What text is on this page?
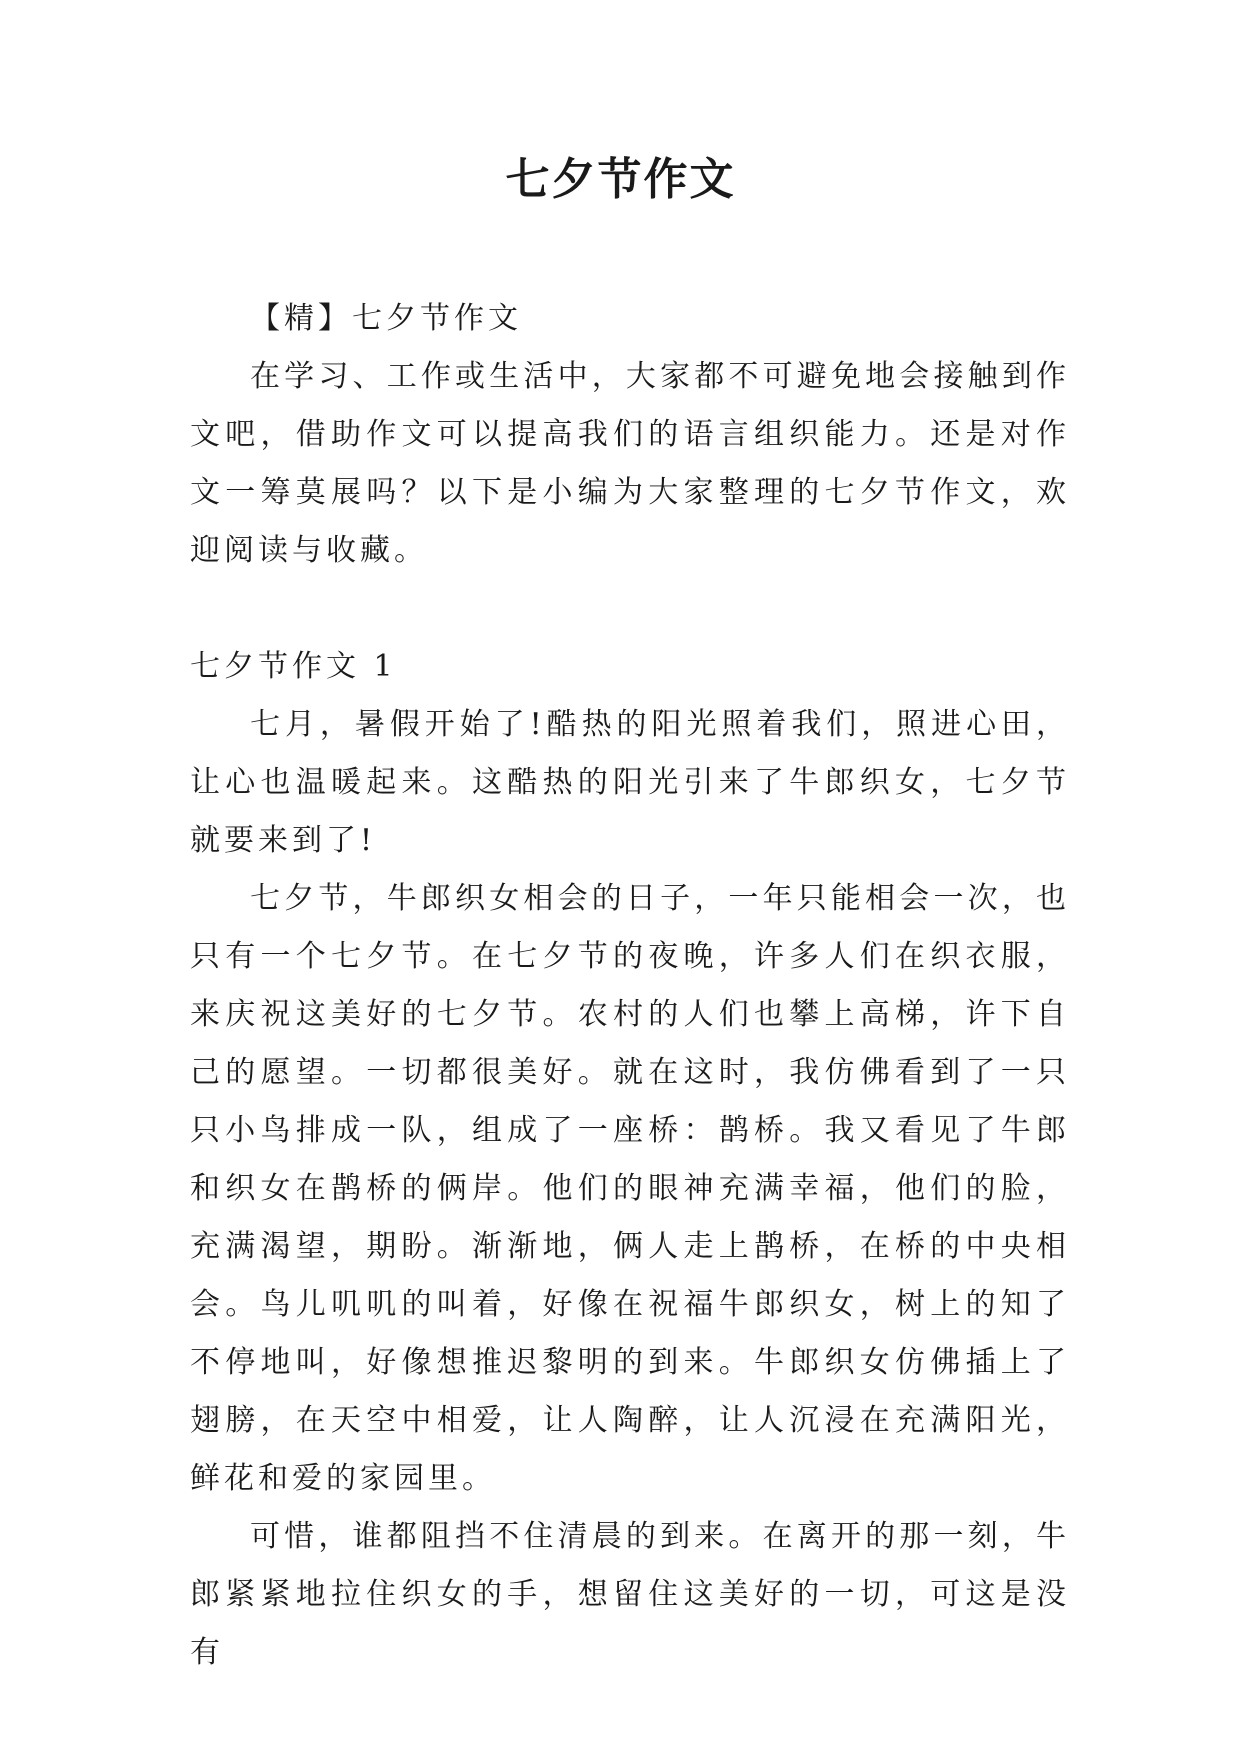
七夕节作文

【精】七夕节作文

在学习、工作或生活中，大家都不可避免地会接触到作文吧，借助作文可以提高我们的语言组织能力。还是对作文一筹莫展吗？以下是小编为大家整理的七夕节作文，欢迎阅读与收藏。

七夕节作文 1

七月，暑假开始了!酷热的阳光照着我们，照进心田，让心也温暖起来。这酷热的阳光引来了牛郎织女，七夕节就要来到了!

七夕节，牛郎织女相会的日子，一年只能相会一次，也只有一个七夕节。在七夕节的夜晚，许多人们在织衣服，来庆祝这美好的七夕节。农村的人们也攀上高梯，许下自己的愿望。一切都很美好。就在这时，我仿佛看到了一只只小鸟排成一队，组成了一座桥：鹊桥。我又看见了牛郎和织女在鹊桥的俩岸。他们的眼神充满幸福，他们的脸，充满渴望，期盼。渐渐地，俩人走上鹊桥，在桥的中央相会。鸟儿叽叽的叫着，好像在祝福牛郎织女，树上的知了不停地叫，好像想推迟黎明的到来。牛郎织女仿佛插上了翅膀，在天空中相爱，让人陶醉，让人沉浸在充满阳光，鲜花和爱的家园里。

可惜，谁都阻挡不住清晨的到来。在离开的那一刻，牛郎紧紧地拉住织女的手，想留住这美好的一切，可这是没有
